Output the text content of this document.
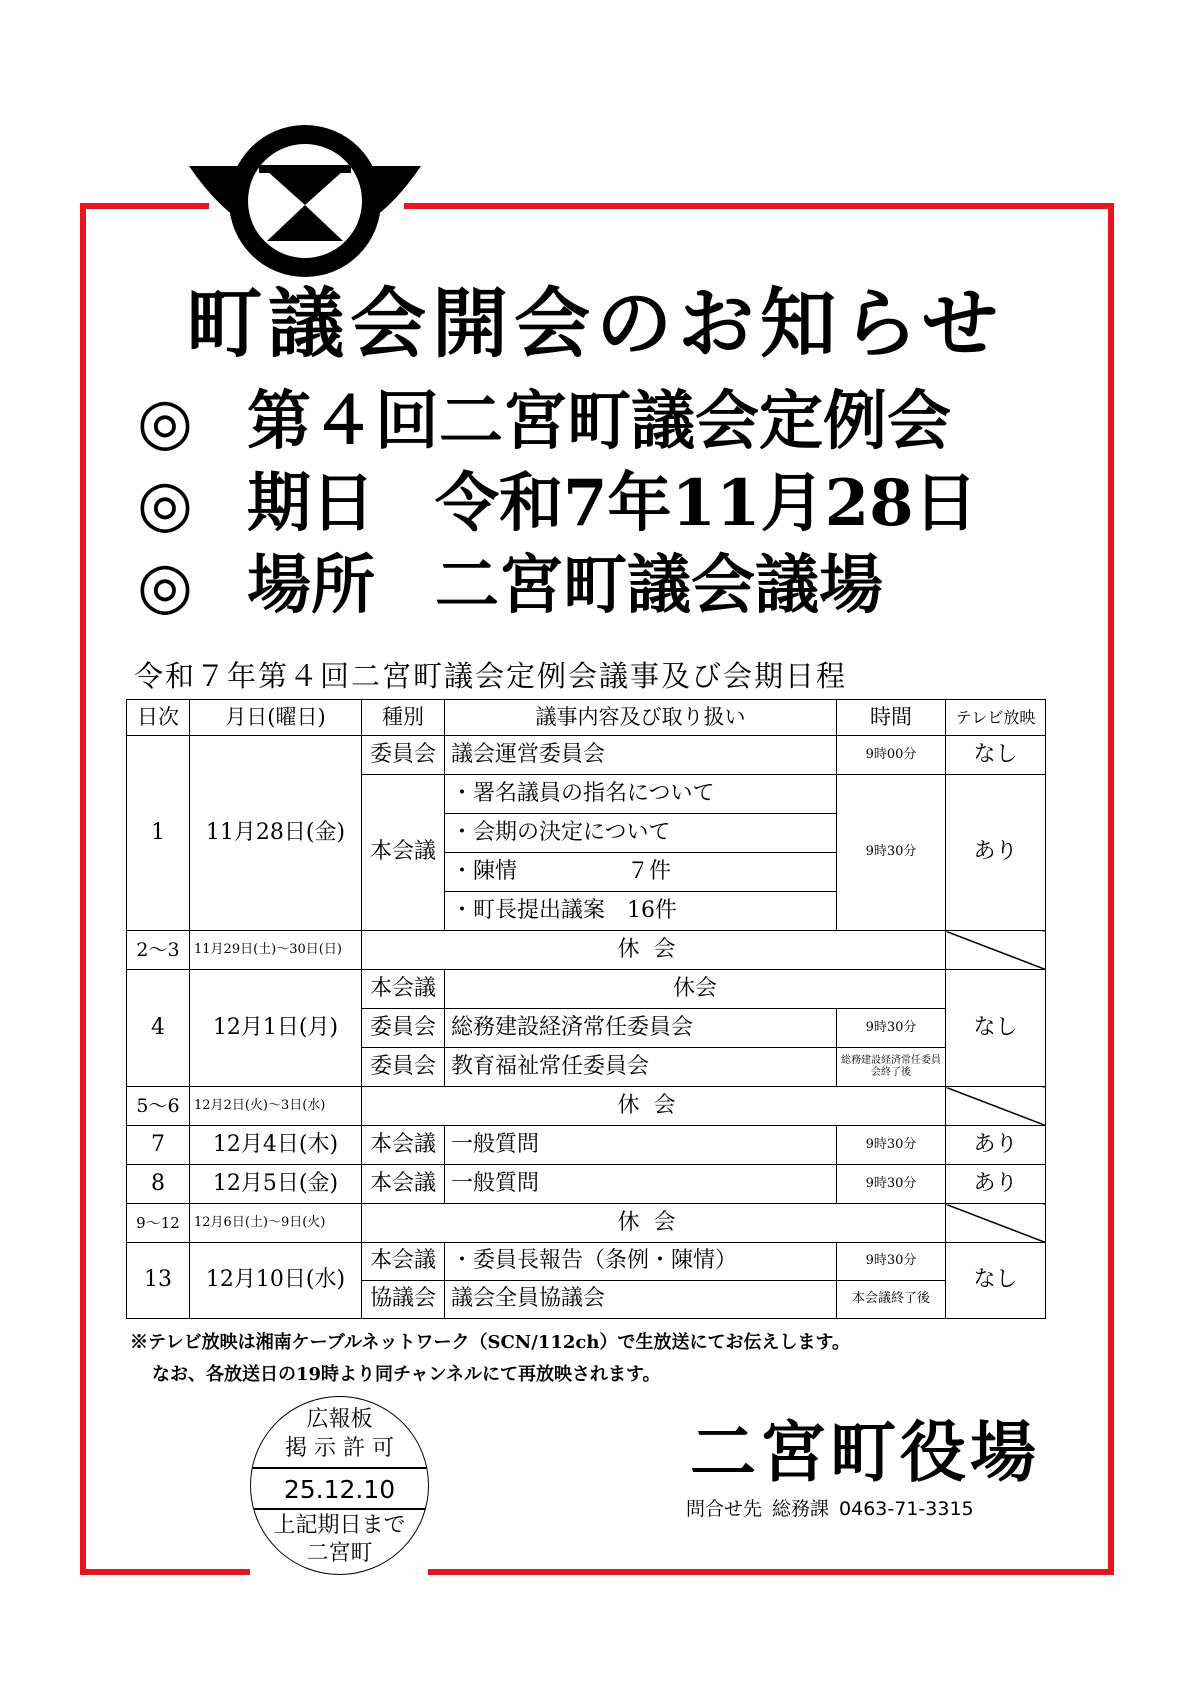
町議会開会のお知らせ
◎ 第４回二宮町議会定例会
◎ 期日 令和7年11月28日
◎ 場所 二宮町議会議場
令和７年第４回二宮町議会定例会議事及び会期日程
日次	月日(曜日)	種別	議事内容及び取り扱い	時間	テレビ放映
1	11月28日(金)	委員会	議会運営委員会	9時00分	なし
		本会議	・署名議員の指名について	9時30分	あり
			・会期の決定について		
			・陳情　　　　　７件		
			・町長提出議案　16件		
2〜3	11月29日(土)〜30日(日)	休会			
4	12月1日(月)	本会議	休会		なし
		委員会	総務建設経済常任委員会	9時30分	
		委員会	教育福祉常任委員会	総務建設経済常任委員会終了後	
5〜6	12月2日(火)〜3日(水)	休会			
7	12月4日(木)	本会議	一般質問	9時30分	あり
8	12月5日(金)	本会議	一般質問	9時30分	あり
9〜12	12月6日(土)〜9日(火)	休会			
13	12月10日(水)	本会議	・委員長報告（条例・陳情）	9時30分	なし
		協議会	議会全員協議会	本会議終了後	
※テレビ放映は湘南ケーブルネットワーク（SCN/112ch）で生放送にてお伝えします。
なお、各放送日の19時より同チャンネルにて再放映されます。
二宮町役場
問合せ先 総務課 0463-71-3315
広報板
掲 示 許 可
25.12.10
上記期日まで
二宮町
